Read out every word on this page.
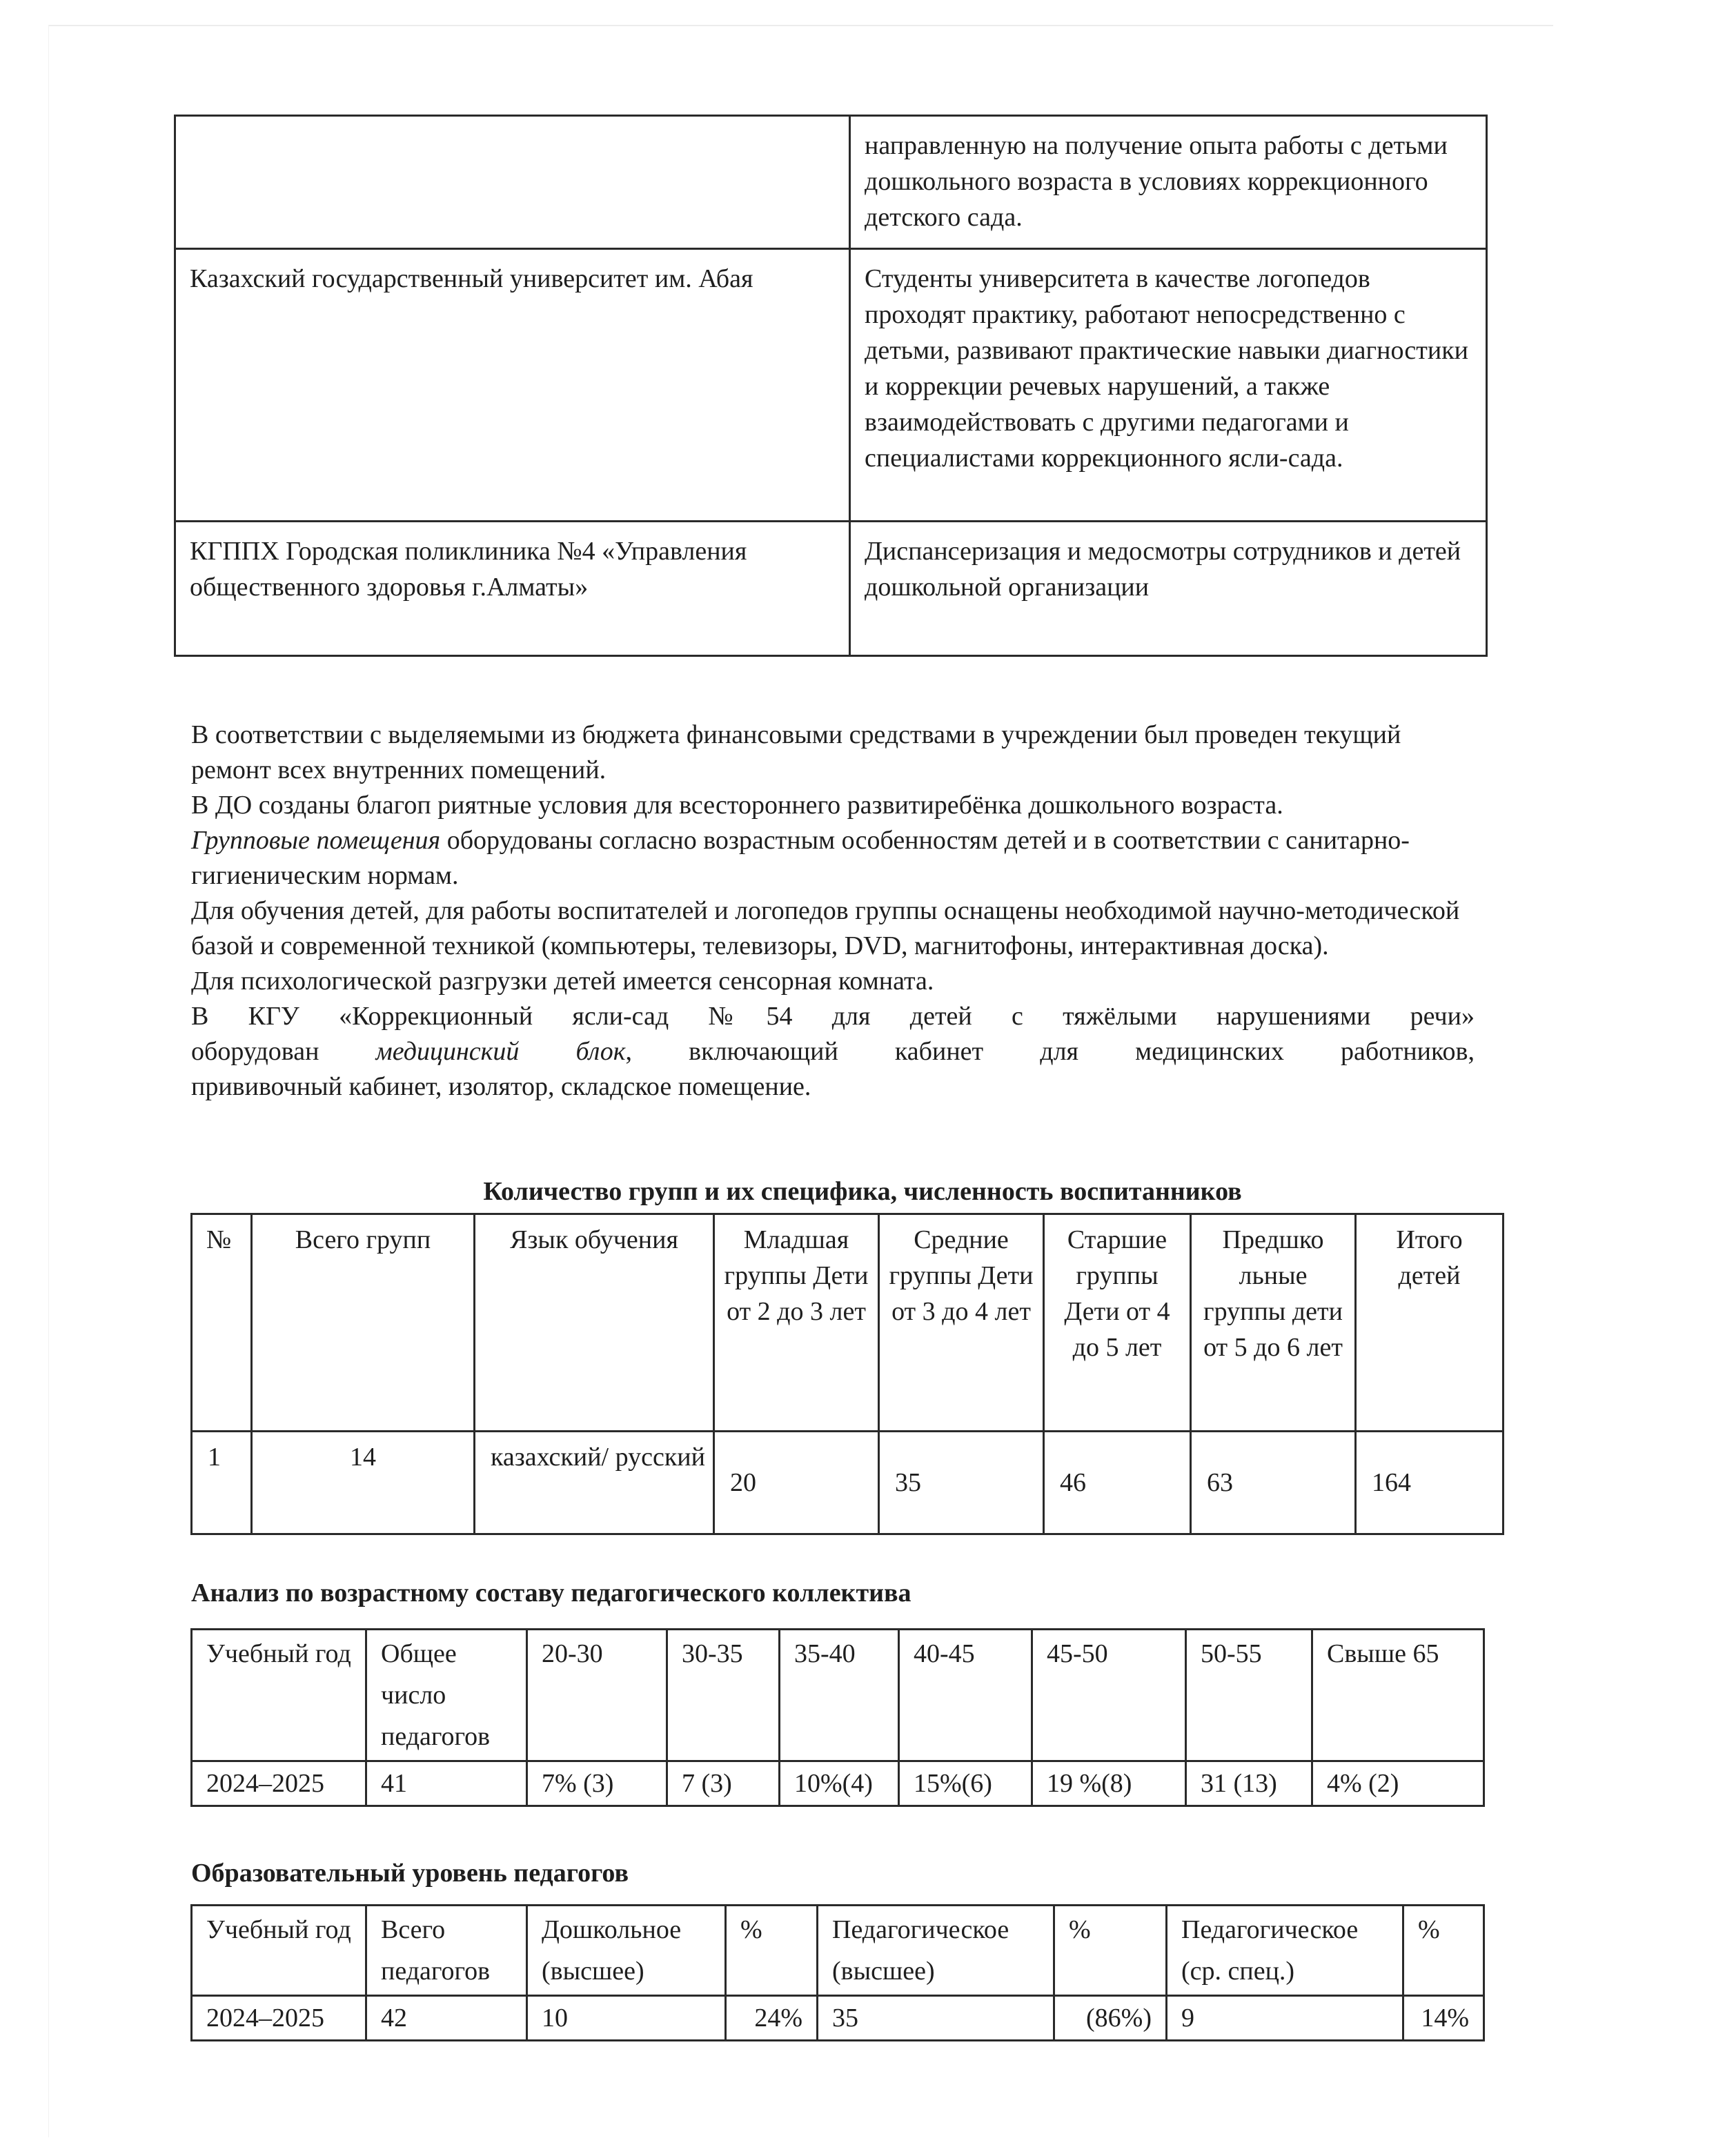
	направленную на получение опыта работы с детьми дошкольного возраста в условиях коррекционного детского сада.
Казахский государственный университет им. Абая	Студенты университета в качестве логопедов проходят практику, работают непосредственно с детьми, развивают практические навыки диагностики и коррекции речевых нарушений, а также взаимодействовать с другими педагогами и специалистами коррекционного ясли-сада.
КГППХ Городская поликлиника №4 «Управления общественного здоровья г.Алматы»	Диспансеризация и медосмотры сотрудников и детей дошкольной организации

В соответствии с выделяемыми из бюджета финансовыми средствами в учреждении был проведен текущий ремонт всех внутренних помещений.

В ДО созданы благоп риятные условия для всестороннего развитиребёнка дошкольного возраста.

Групповые помещения оборудованы согласно возрастным особенностям детей и в соответствии с санитарно-гигиеническим нормам.

Для обучения детей, для работы воспитателей и логопедов группы оснащены необходимой научно-методической базой и современной техникой (компьютеры, телевизоры, DVD, магнитофоны, интерактивная доска).

Для психологической разгрузки детей имеется сенсорная комната.

В КГУ «Коррекционный ясли-сад №54 для детей с тяжёлыми нарушениями речи»

оборудован медицинский блок, включающий кабинет для медицинских работников,

прививочный кабинет, изолятор, складское помещение.

Количество групп и их специфика, численность воспитанников
№	Всего групп	Язык обучения	Младшая группы Дети от 2 до 3 лет	Средние группы Дети от 3 до 4 лет	Старшие группы Дети от 4 до 5 лет	Предшко льные группы дети от 5 до 6 лет	Итого детей
1	14	казахский/ русский	20	35	46	63	164
Анализ по возрастному составу педагогического коллектива
Учебный год	Общее число педагогов	20-30	30-35	35-40	40-45	45-50	50-55	Свыше 65
2024–2025	41	7% (3)	7 (3)	10%(4)	15%(6)	19 %(8)	31 (13)	4% (2)
Образовательный уровень педагогов
Учебный год	Всего педагогов	Дошкольное (высшее)	%	Педагогическое (высшее)	%	Педагогическое (ср. спец.)	%
2024–2025	42	10	24%	35	(86%)	9	14%
